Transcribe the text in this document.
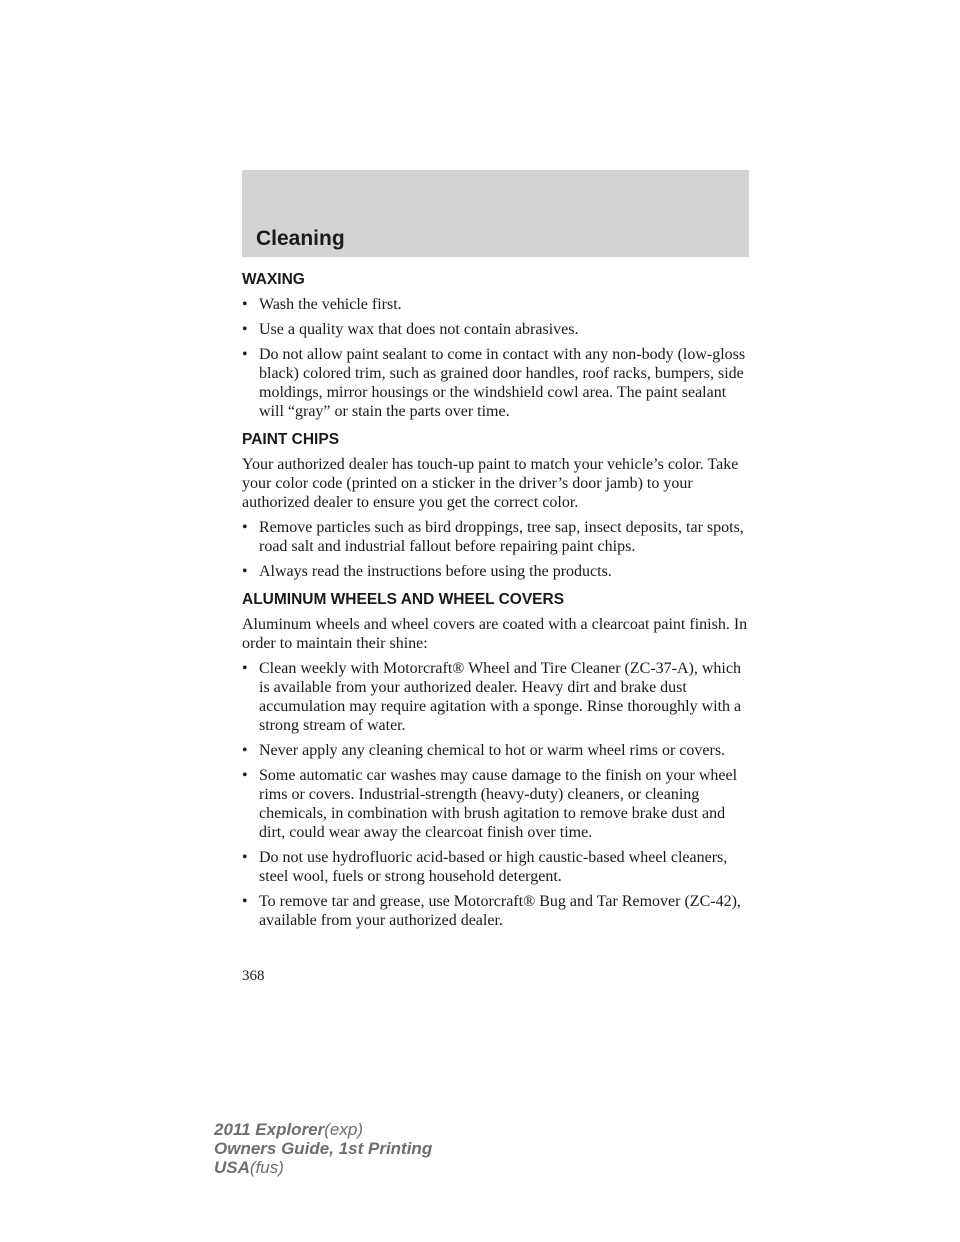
Cleaning
WAXING
• Wash the vehicle first.
• Use a quality wax that does not contain abrasives.
• Do not allow paint sealant to come in contact with any non-body (low-gloss black) colored trim, such as grained door handles, roof racks, bumpers, side moldings, mirror housings or the windshield cowl area. The paint sealant will “gray” or stain the parts over time.
PAINT CHIPS

Your authorized dealer has touch-up paint to match your vehicle’s color. Take your color code (printed on a sticker in the driver’s door jamb) to your authorized dealer to ensure you get the correct color.

• Remove particles such as bird droppings, tree sap, insect deposits, tar spots, road salt and industrial fallout before repairing paint chips.
• Always read the instructions before using the products.
ALUMINUM WHEELS AND WHEEL COVERS

Aluminum wheels and wheel covers are coated with a clearcoat paint finish. In order to maintain their shine:

• Clean weekly with Motorcraft® Wheel and Tire Cleaner (ZC-37-A), which is available from your authorized dealer. Heavy dirt and brake dust accumulation may require agitation with a sponge. Rinse thoroughly with a strong stream of water.
• Never apply any cleaning chemical to hot or warm wheel rims or covers.
• Some automatic car washes may cause damage to the finish on your wheel rims or covers. Industrial-strength (heavy-duty) cleaners, or cleaning chemicals, in combination with brush agitation to remove brake dust and dirt, could wear away the clearcoat finish over time.
• Do not use hydrofluoric acid-based or high caustic-based wheel cleaners, steel wool, fuels or strong household detergent.
• To remove tar and grease, use Motorcraft® Bug and Tar Remover (ZC-42), available from your authorized dealer.
368
2011 Explorer(exp)
Owners Guide, 1st Printing
USA(fus)
